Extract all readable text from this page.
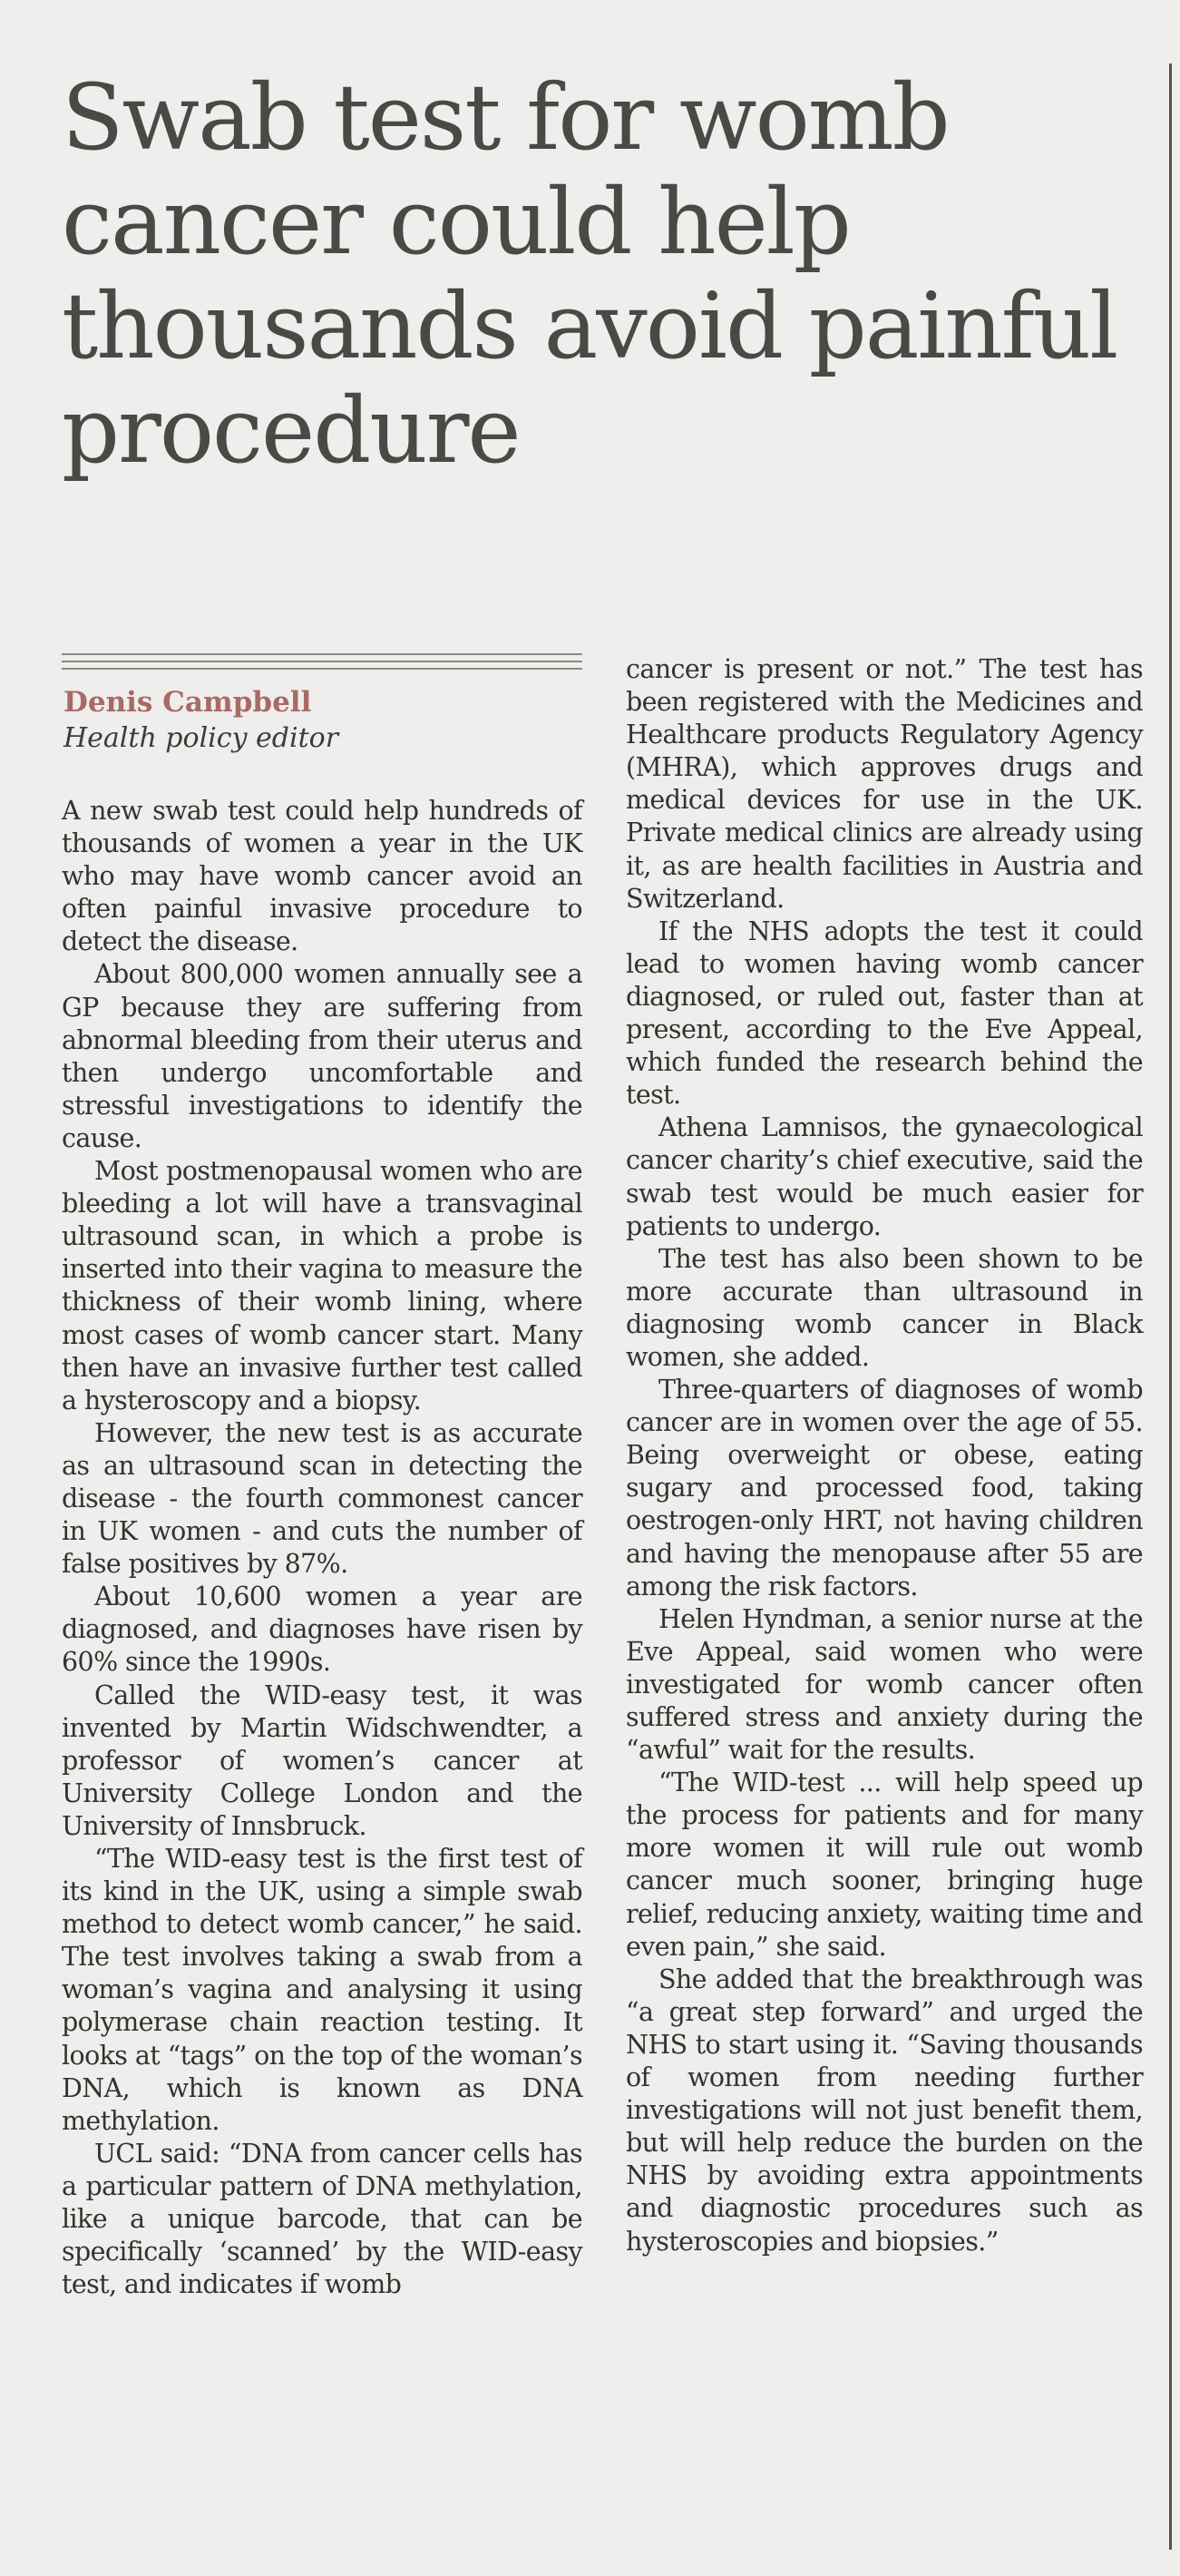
Swab test for womb cancer could help thousands avoid painful procedure
Denis Campbell
Health policy editor

A new swab test could help hundreds of thousands of women a year in the UK who may have womb cancer avoid an often painful invasive procedure to detect the disease.

About 800,000 women annually see a GP because they are suffering from abnormal bleeding from their uterus and then undergo uncomfortable and stressful investigations to identify the cause.

Most postmenopausal women who are bleeding a lot will have a transvaginal ultrasound scan, in which a probe is inserted into their vagina to measure the thickness of their womb lining, where most cases of womb cancer start. Many then have an invasive further test called a hysteroscopy and a biopsy.

However, the new test is as accurate as an ultrasound scan in detecting the disease - the fourth commonest cancer in UK women - and cuts the number of false positives by 87%.

About 10,600 women a year are diagnosed, and diagnoses have risen by 60% since the 1990s.

Called the WID-easy test, it was invented by Martin Widschwendter, a professor of women’s cancer at University College London and the University of Innsbruck.

“The WID-easy test is the first test of its kind in the UK, using a simple swab method to detect womb cancer,” he said. The test involves taking a swab from a woman’s vagina and analysing it using polymerase chain reaction testing. It looks at “tags” on the top of the woman’s DNA, which is known as DNA methylation.

UCL said: “DNA from cancer cells has a particular pattern of DNA methylation, like a unique barcode, that can be specifically ‘scanned’ by the WID-easy test, and indicates if womb

cancer is present or not.” The test has been registered with the Medicines and Healthcare products Regulatory Agency (MHRA), which approves drugs and medical devices for use in the UK. Private medical clinics are already using it, as are health facilities in Austria and Switzerland.

If the NHS adopts the test it could lead to women having womb cancer diagnosed, or ruled out, faster than at present, according to the Eve Appeal, which funded the research behind the test.

Athena Lamnisos, the gynaecological cancer charity’s chief executive, said the swab test would be much easier for patients to undergo.

The test has also been shown to be more accurate than ultrasound in diagnosing womb cancer in Black women, she added.

Three-quarters of diagnoses of womb cancer are in women over the age of 55. Being overweight or obese, eating sugary and processed food, taking oestrogen-only HRT, not having children and having the menopause after 55 are among the risk factors.

Helen Hyndman, a senior nurse at the Eve Appeal, said women who were investigated for womb cancer often suffered stress and anxiety during the “awful” wait for the results.

“The WID-test ... will help speed up the process for patients and for many more women it will rule out womb cancer much sooner, bringing huge relief, reducing anxiety, waiting time and even pain,” she said.

She added that the breakthrough was “a great step forward” and urged the NHS to start using it. “Saving thousands of women from needing further investigations will not just benefit them, but will help reduce the burden on the NHS by avoiding extra appointments and diagnostic procedures such as hysteroscopies and biopsies.”
